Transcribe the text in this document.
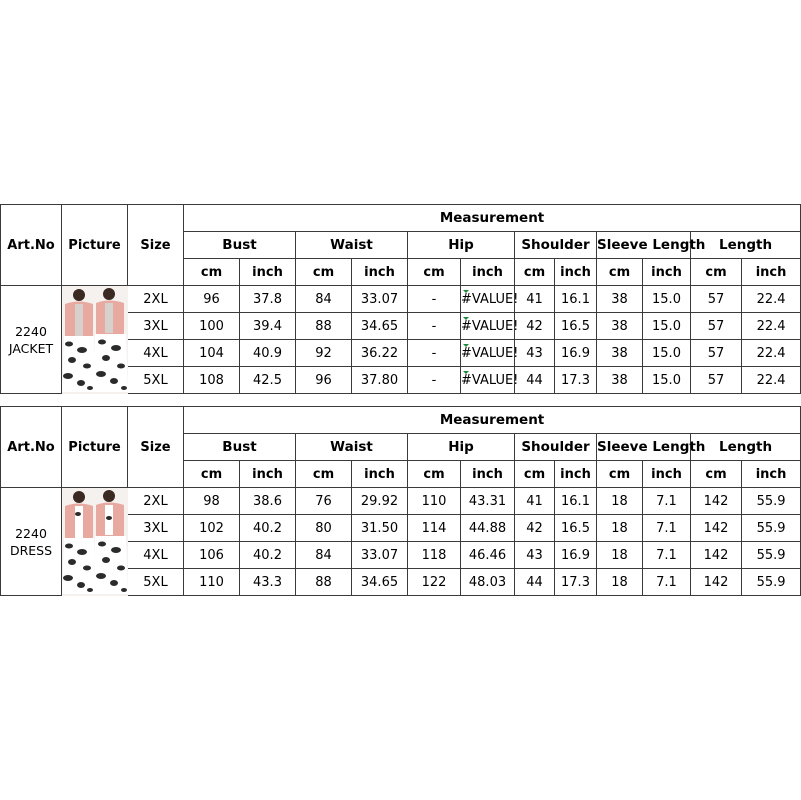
Art.No	Picture	Size	Measurement											
			Bust		Waist		Hip		Shoulder		Sleeve Length		Length	
			cm	inch	cm	inch	cm	inch	cm	inch	cm	inch	cm	inch

2240
JACKET		2XL	96	37.8	84	33.07	-	#VALUE!	41	16.1	38	15.0	57	22.4
		3XL	100	39.4	88	34.65	-	#VALUE!	42	16.5	38	15.0	57	22.4
		4XL	104	40.9	92	36.22	-	#VALUE!	43	16.9	38	15.0	57	22.4
		5XL	108	42.5	96	37.80	-	#VALUE!	44	17.3	38	15.0	57	22.4
Art.No	Picture	Size	Measurement											
			Bust		Waist		Hip		Shoulder		Sleeve Length		Length	
			cm	inch	cm	inch	cm	inch	cm	inch	cm	inch	cm	inch

2240
DRESS		2XL	98	38.6	76	29.92	110	43.31	41	16.1	18	7.1	142	55.9
		3XL	102	40.2	80	31.50	114	44.88	42	16.5	18	7.1	142	55.9
		4XL	106	40.2	84	33.07	118	46.46	43	16.9	18	7.1	142	55.9
		5XL	110	43.3	88	34.65	122	48.03	44	17.3	18	7.1	142	55.9
